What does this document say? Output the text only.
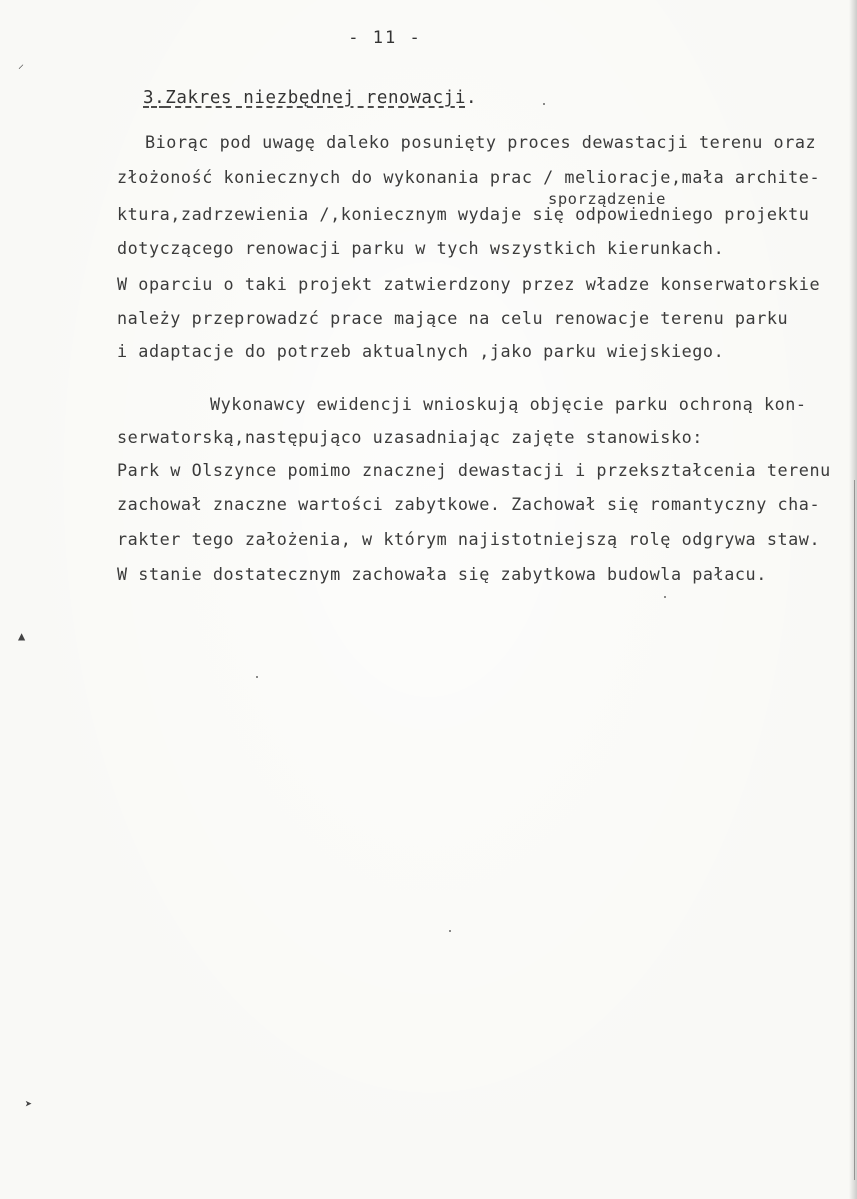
- 11 -
3.Zakres niezbędnej renowacji.
Biorąc pod uwagę daleko posunięty proces dewastacji terenu oraz
złożoność koniecznych do wykonania prac / melioracje,mała archite-
sporządzenie
ktura,zadrzewienia /,koniecznym wydaje się odpowiedniego projektu
dotyczącego renowacji parku w tych wszystkich kierunkach.
W oparciu o taki projekt zatwierdzony przez władze konserwatorskie
należy przeprowadzć prace mające na celu renowacje terenu parku
i adaptacje do potrzeb aktualnych ,jako parku wiejskiego.
Wykonawcy ewidencji wnioskują objęcie parku ochroną kon-
serwatorską,następująco uzasadniając zajęte stanowisko:
Park w Olszynce pomimo znacznej dewastacji i przekształcenia terenu
zachował znaczne wartości zabytkowe. Zachował się romantyczny cha-
rakter tego założenia, w którym najistotniejszą rolę odgrywa staw.
W stanie dostatecznym zachowała się zabytkowa budowla pałacu.
⸝
▲
➤
